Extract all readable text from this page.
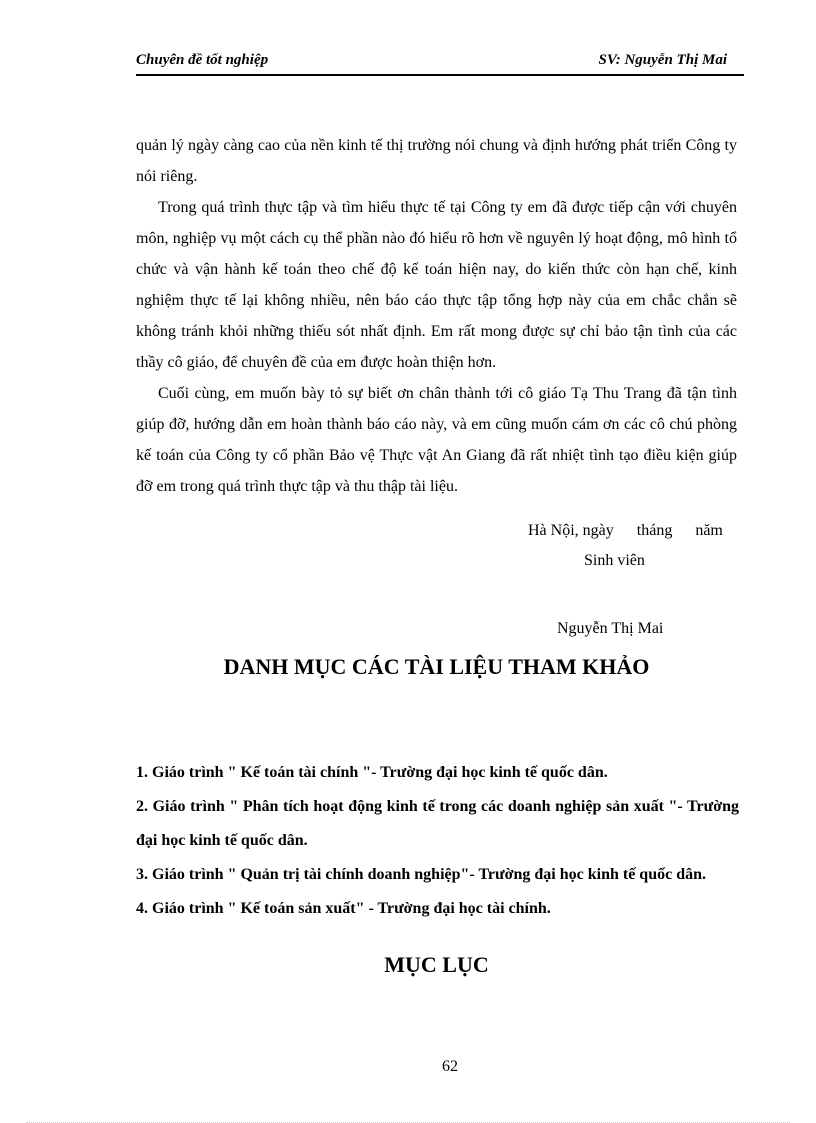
Chuyên đề tốt nghiệp	SV: Nguyễn Thị Mai

quản lý ngày càng cao của nền kinh tế thị trường nói chung và định hướng phát triển Công ty nói riêng.

Trong quá trình thực tập và tìm hiểu thực tế tại Công ty em đã được tiếp cận với chuyên môn, nghiệp vụ một cách cụ thể phần nào đó hiểu rõ hơn về nguyên lý hoạt động, mô hình tổ chức và vận hành kế toán theo chế độ kế toán hiện nay, do kiến thức còn hạn chế, kinh nghiệm thực tế lại không nhiều, nên báo cáo thực tập tổng hợp này của em chắc chắn sẽ không tránh khỏi những thiếu sót nhất định. Em rất mong được sự chỉ bảo tận tình của các thầy cô giáo, để chuyên đề của em được hoàn thiện hơn.

Cuối cùng, em muốn bày tỏ sự biết ơn chân thành tới cô giáo Tạ Thu Trang đã tận tình giúp đỡ, hướng dẫn em hoàn thành báo cáo này, và em cũng muốn cám ơn các cô chú phòng kế toán của Công ty cổ phần Bảo vệ Thực vật An Giang đã rất nhiệt tình tạo điều kiện giúp đỡ em trong quá trình thực tập và thu thập tài liệu.

Hà Nội, ngày tháng năm
Sinh viên
Nguyễn Thị Mai
DANH MỤC CÁC TÀI LIỆU THAM KHẢO

1. Giáo trình " Kế toán tài chính "- Trường đại học kinh tế quốc dân.

2. Giáo trình " Phân tích hoạt động kinh tế trong các doanh nghiệp sản xuất "- Trường đại học kinh tế quốc dân.

3. Giáo trình " Quản trị tài chính doanh nghiệp"- Trường đại học kinh tế quốc dân.

4. Giáo trình " Kế toán sản xuất" - Trường đại học tài chính.

MỤC LỤC
62
